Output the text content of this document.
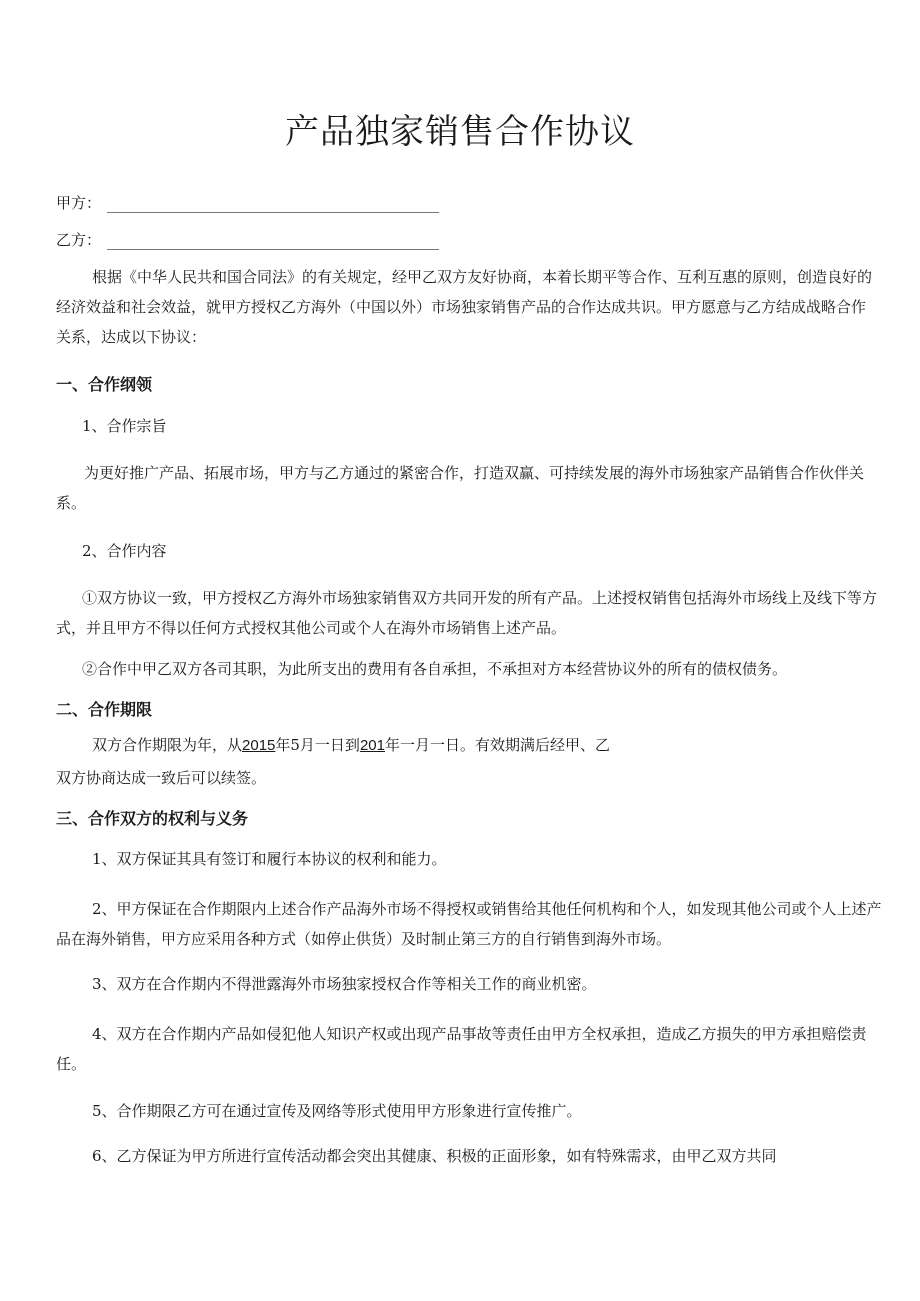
产品独家销售合作协议
甲方：
乙方：

根据《中华人民共和国合同法》的有关规定，经甲乙双方友好协商，本着长期平等合作、互利互惠的原则，创造良好的经济效益和社会效益，就甲方授权乙方海外（中国以外）市场独家销售产品的合作达成共识。甲方愿意与乙方结成战略合作关系，达成以下协议：

一、合作纲领

1、合作宗旨

为更好推广产品、拓展市场，甲方与乙方通过的紧密合作，打造双赢、可持续发展的海外市场独家产品销售合作伙伴关系。

2、合作内容

①双方协议一致，甲方授权乙方海外市场独家销售双方共同开发的所有产品。上述授权销售包括海外市场线上及线下等方式，并且甲方不得以任何方式授权其他公司或个人在海外市场销售上述产品。

②合作中甲乙双方各司其职，为此所支出的费用有各自承担，不承担对方本经营协议外的所有的债权债务。

二、合作期限

双方合作期限为年，从2015年5月一日到201年一月一日。有效期满后经甲、乙

双方协商达成一致后可以续签。

三、合作双方的权利与义务

1、双方保证其具有签订和履行本协议的权利和能力。

2、甲方保证在合作期限内上述合作产品海外市场不得授权或销售给其他任何机构和个人，如发现其他公司或个人上述产品在海外销售，甲方应采用各种方式（如停止供货）及时制止第三方的自行销售到海外市场。

3、双方在合作期内不得泄露海外市场独家授权合作等相关工作的商业机密。

4、双方在合作期内产品如侵犯他人知识产权或出现产品事故等责任由甲方全权承担，造成乙方损失的甲方承担赔偿责任。

5、合作期限乙方可在通过宣传及网络等形式使用甲方形象进行宣传推广。

6、乙方保证为甲方所进行宣传活动都会突出其健康、积极的正面形象，如有特殊需求，由甲乙双方共同
